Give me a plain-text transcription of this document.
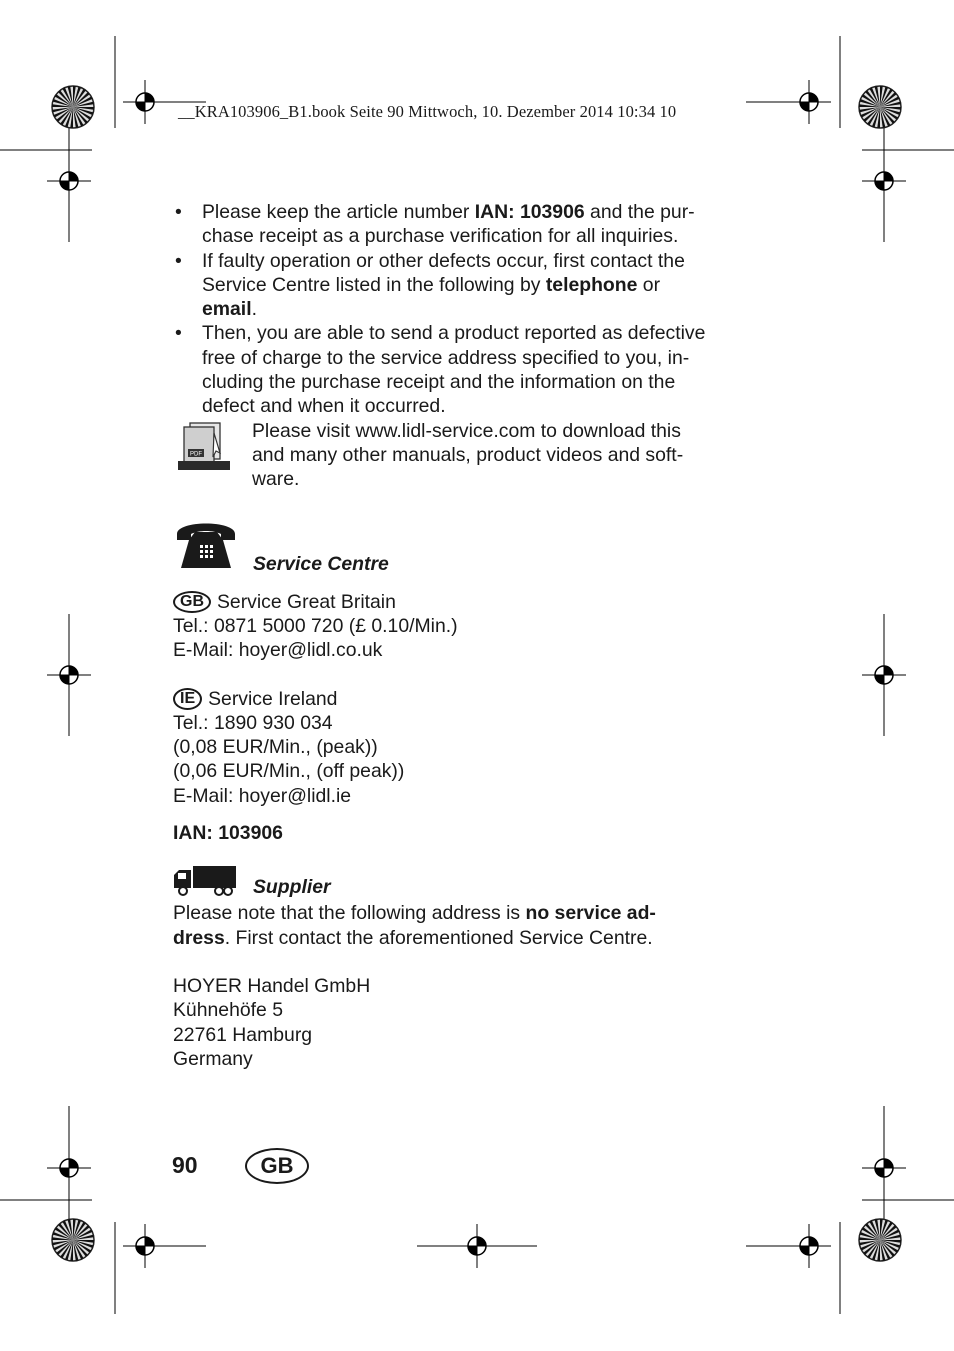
__KRA103906_B1.book Seite 90 Mittwoch, 10. Dezember 2014 10:34 10
• Please keep the article number IAN: 103906 and the pur-
chase receipt as a purchase verification for all inquiries.
• If faulty operation or other defects occur, first contact the
Service Centre listed in the following by telephone or
email.
• Then, you are able to send a product reported as defective
free of charge to the service address specified to you, in-
cluding the purchase receipt and the information on the
defect and when it occurred.
PDF
Please visit www.lidl-service.com to download this
and many other manuals, product videos and soft-
ware.
Service Centre
GB Service Great Britain
Tel.: 0871 5000 720 (£ 0.10/Min.)
E-Mail: hoyer@lidl.co.uk
IE Service Ireland
Tel.: 1890 930 034
(0,08 EUR/Min., (peak))
(0,06 EUR/Min., (off peak))
E-Mail: hoyer@lidl.ie
IAN: 103906
Supplier
Please note that the following address is no service ad-
dress. First contact the aforementioned Service Centre.
HOYER Handel GmbH
Kühnehöfe 5
22761 Hamburg
Germany
90	GB
